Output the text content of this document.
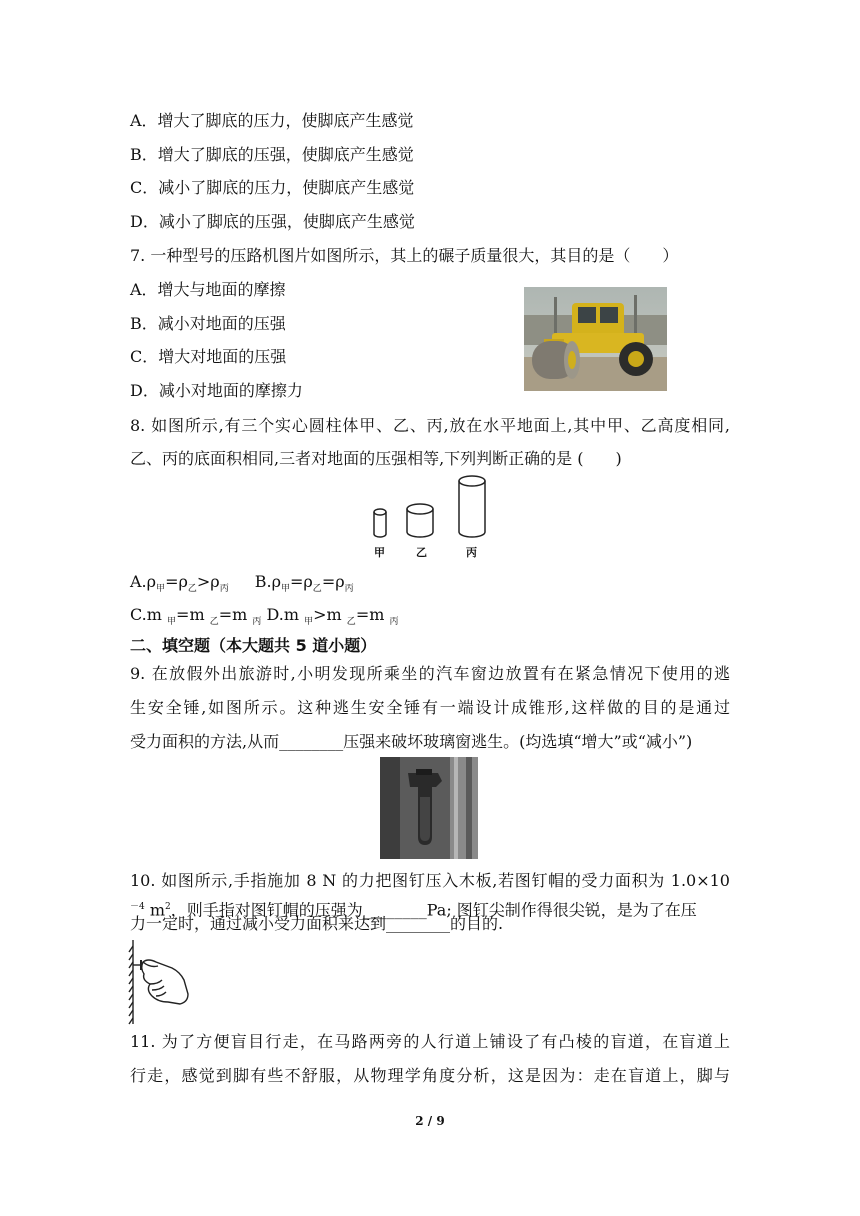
A．增大了脚底的压力，使脚底产生感觉
B．增大了脚底的压强，使脚底产生感觉
C．减小了脚底的压力，使脚底产生感觉
D．减小了脚底的压强，使脚底产生感觉
7. 一种型号的压路机图片如图所示，其上的碾子质量很大，其目的是（　　）
A．增大与地面的摩擦
B．减小对地面的压强
C．增大对地面的压强
D．减小对地面的摩擦力
8. 如图所示,有三个实心圆柱体甲、乙、丙,放在水平地面上,其中甲、乙高度相同,
乙、丙的底面积相同,三者对地面的压强相等,下列判断正确的是 (　　)
甲	乙	丙
$A.\rho_甲=\rho_乙>\rho_丙$ $B.\rho_甲=\rho_乙=\rho_丙$
C.m $_甲$=m $_乙$=m $_丙$ D.m $_甲$>m $_乙$=m $_丙$
二、填空题（本大题共 5 道小题）
9. 在放假外出旅游时,小明发现所乘坐的汽车窗边放置有在紧急情况下使用的逃
生安全锤,如图所示。这种逃生安全锤有一端设计成锥形,这样做的目的是通过
受力面积的方法,从而________压强来破坏玻璃窗逃生。(均选填“增大”或“减小”)
10. 如图所示,手指施加 8 N 的力把图钉压入木板,若图钉帽的受力面积为 1.0×10
$^{-4}$ $m^2$，则手指对图钉帽的压强为________Pa; 图钉尖制作得很尖锐，是为了在压
力一定时，通过减小受力面积来达到________的目的.
11. 为了方便盲目行走，在马路两旁的人行道上铺设了有凸棱的盲道，在盲道上
行走，感觉到脚有些不舒服，从物理学角度分析，这是因为：走在盲道上，脚与
2 / 9
